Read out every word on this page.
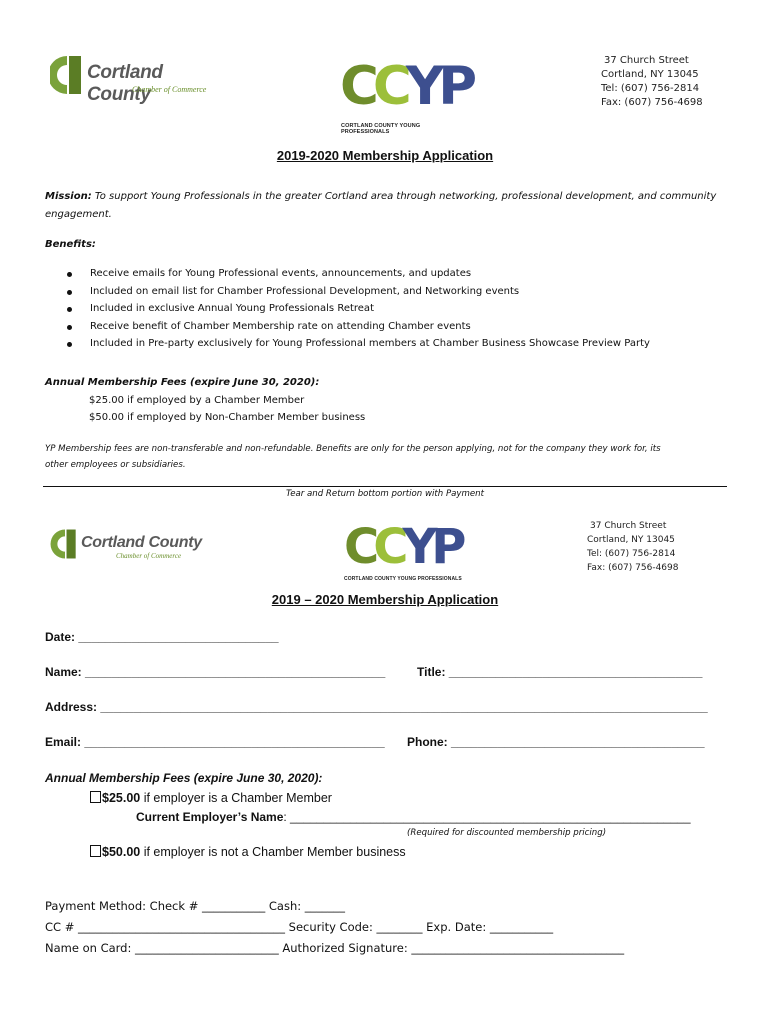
Cortland County
Chamber of Commerce	CCYP
CORTLAND COUNTY YOUNG PROFESSIONALS
37 Church Street
Cortland, NY 13045
Tel: (607) 756-2814
Fax: (607) 756-4698
2019-2020 Membership Application
Mission: To support Young Professionals in the greater Cortland area through networking, professional development, and community
engagement.
Benefits:
Receive emails for Young Professional events, announcements, and updates
Included on email list for Chamber Professional Development, and Networking events
Included in exclusive Annual Young Professionals Retreat
Receive benefit of Chamber Membership rate on attending Chamber events
Included in Pre-party exclusively for Young Professional members at Chamber Business Showcase Preview Party
Annual Membership Fees (expire June 30, 2020):
$25.00 if employed by a Chamber Member
$50.00 if employed by Non-Chamber Member business
YP Membership fees are non-transferable and non-refundable. Benefits are only for the person applying, not for the company they work for, its
other employees or subsidiaries.
Tear and Return bottom portion with Payment
Cortland County
Chamber of Commerce	CCYP
CORTLAND COUNTY YOUNG PROFESSIONALS
37 Church Street
Cortland, NY 13045
Tel: (607) 756-2814
Fax: (607) 756-4698
2019 – 2020 Membership Application
Date: ______________________________
Name: _____________________________________________	Title: ______________________________________
Address: ___________________________________________________________________________________________
Email: _____________________________________________ Phone: ______________________________________
Annual Membership Fees (expire June 30, 2020):
$25.00 if employer is a Chamber Member
Current Employer’s Name: ____________________________________________________________
(Required for discounted membership pricing)
$50.00 if employer is not a Chamber Member business
Payment Method: Check # ___________ Cash: _______
CC # ____________________________________ Security Code: ________ Exp. Date: ___________
Name on Card: _________________________ Authorized Signature: _____________________________________
